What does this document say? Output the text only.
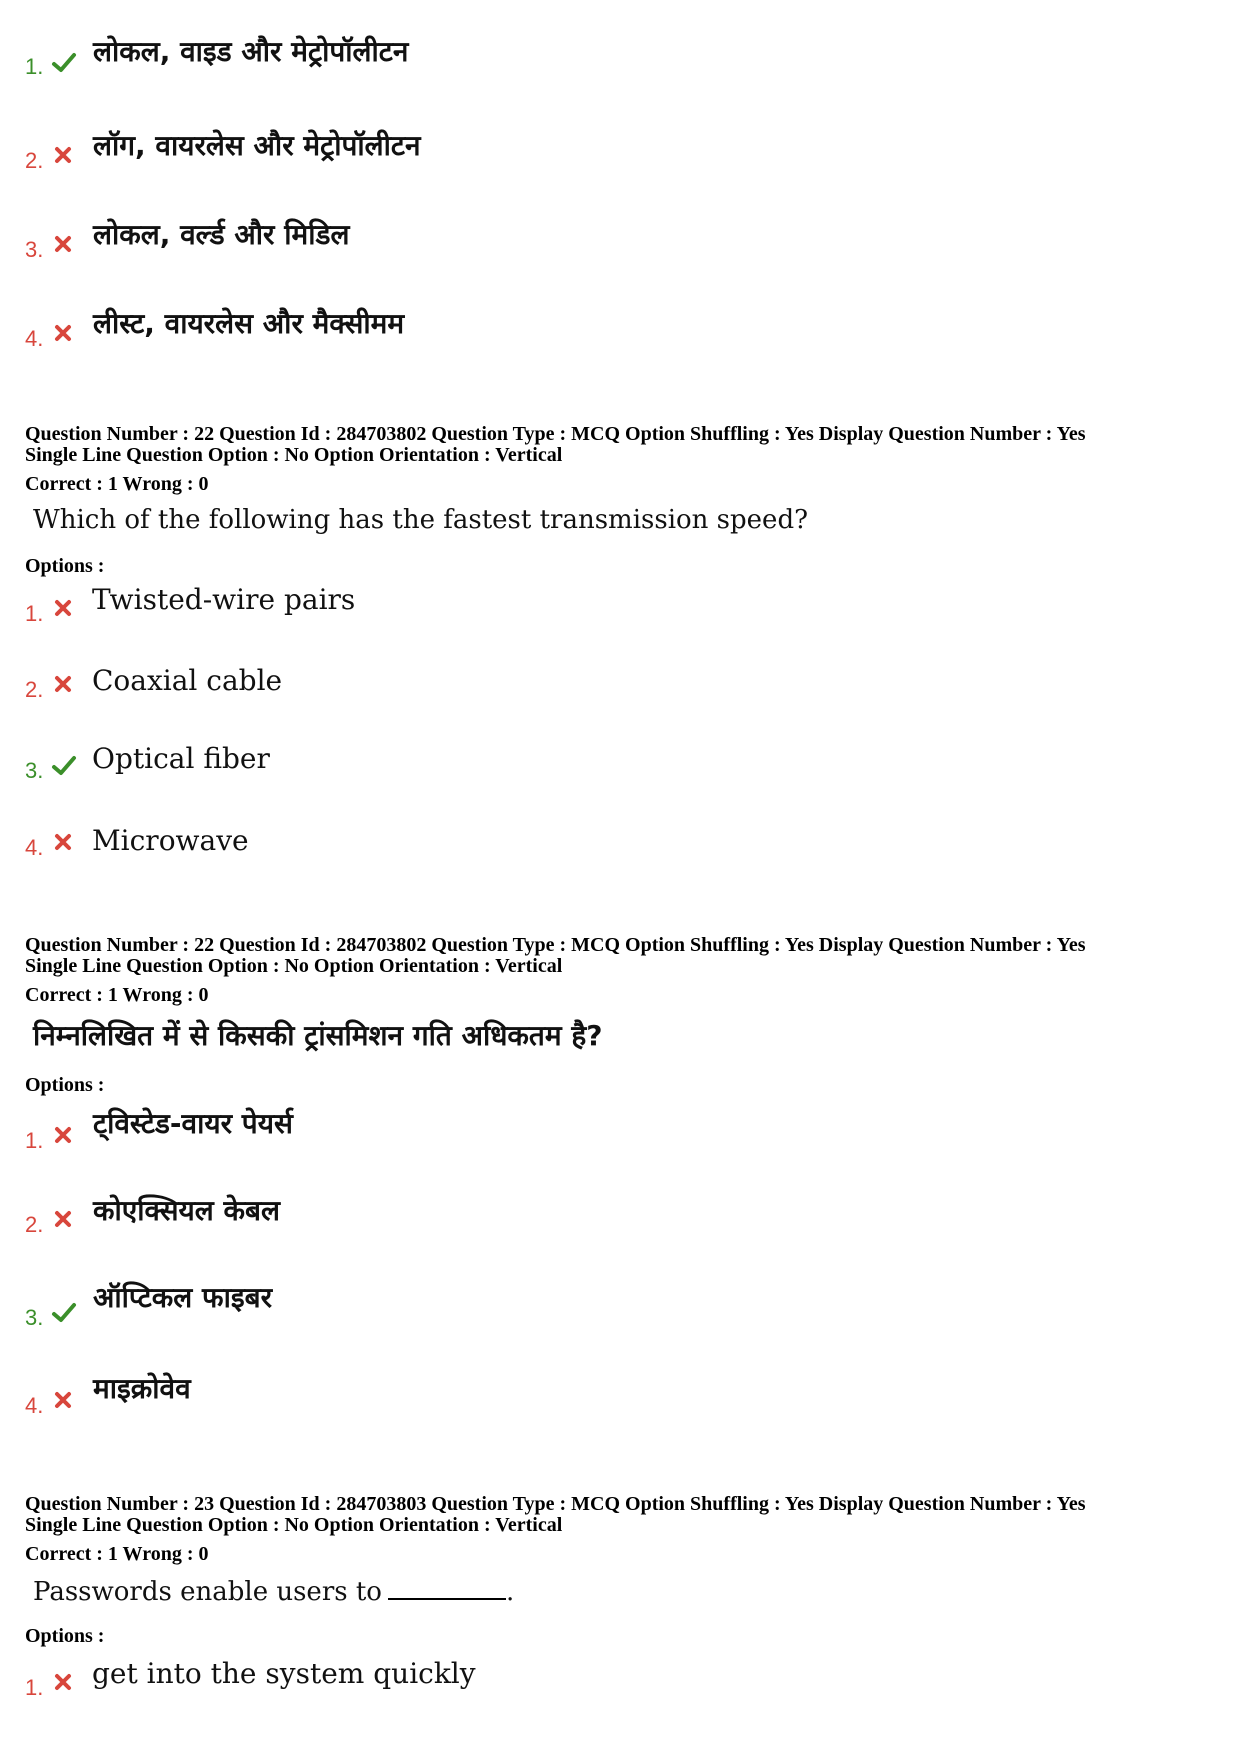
1. लोकल, वाइड और मेट्रोपॉलीटन
2. लॉग, वायरलेस और मेट्रोपॉलीटन
3. लोकल, वर्ल्ड और मिडिल
4. लीस्ट, वायरलेस और मैक्सीमम
Question Number : 22 Question Id : 284703802 Question Type : MCQ Option Shuffling : Yes Display Question Number : Yes
Single Line Question Option : No Option Orientation : Vertical
Correct : 1 Wrong : 0
Which of the following has the fastest transmission speed?
Options :
1. Twisted-wire pairs
2. Coaxial cable
3. Optical fiber
4. Microwave
Question Number : 22 Question Id : 284703802 Question Type : MCQ Option Shuffling : Yes Display Question Number : Yes
Single Line Question Option : No Option Orientation : Vertical
Correct : 1 Wrong : 0
निम्नलिखित में से किसकी ट्रांसमिशन गति अधिकतम है?
Options :
1.
ट्विस्टेड-वायर पेयर्स
2. कोएक्सियल केबल
3.
ऑप्टिकल फाइबर
4.
माइक्रोवेव
Question Number : 23 Question Id : 284703803 Question Type : MCQ Option Shuffling : Yes Display Question Number : Yes
Single Line Question Option : No Option Orientation : Vertical
Correct : 1 Wrong : 0
Passwords enable users to	.
Options :
1. get into the system quickly
